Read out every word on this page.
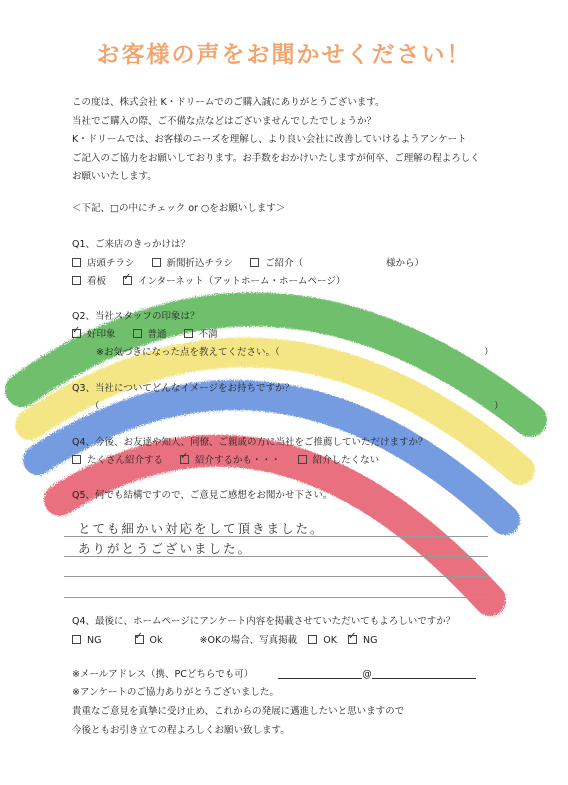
お客様の声をお聞かせください！
この度は、株式会社 K・ドリームでのご購入誠にありがとうございます。
当社でご購入の際、ご不備な点などはございませんでしたでしょうか？
K・ドリームでは、お客様のニーズを理解し、より良い会社に改善していけるようアンケート
ご記入のご協力をお願いしております。お手数をおかけいたしますが何卒、ご理解の程よろしく
お願いいたします。
＜下記、□の中にチェック or ○をお願いします＞
Q1、ご来店のきっかけは？
店頭チラシ	新聞折込チラシ	ご紹介（	様から）
看板 ✓	インターネット（アットホーム・ホームページ）
Q2、当社スタッフの印象は？
✓好印象	普通	不満
※お気づきになった点を教えてください。（	）
Q3、当社についてどんなイメージをお持ちですか？
（	）
Q4、今後、お友達や知人、同僚、ご親戚の方に当社をご推薦していただけますか？
たくさん紹介する ✓	紹介するかも・・・	紹介したくない
Q5、何でも結構ですので、ご意見ご感想をお聞かせ下さい。
とても細かい対応をして頂きました。
ありがとうございました。
Q4、最後に、ホームページにアンケート内容を掲載させていただいてもよろしいですか？
NG ✓	Ok	※OKの場合、写真掲載	OK ✓	NG
※メールアドレス（携、PCどちらでも可）	@
※アンケートのご協力ありがとうございました。
貴重なご意見を真摯に受け止め、これからの発展に邁進したいと思いますので
今後ともお引き立ての程よろしくお願い致します。
